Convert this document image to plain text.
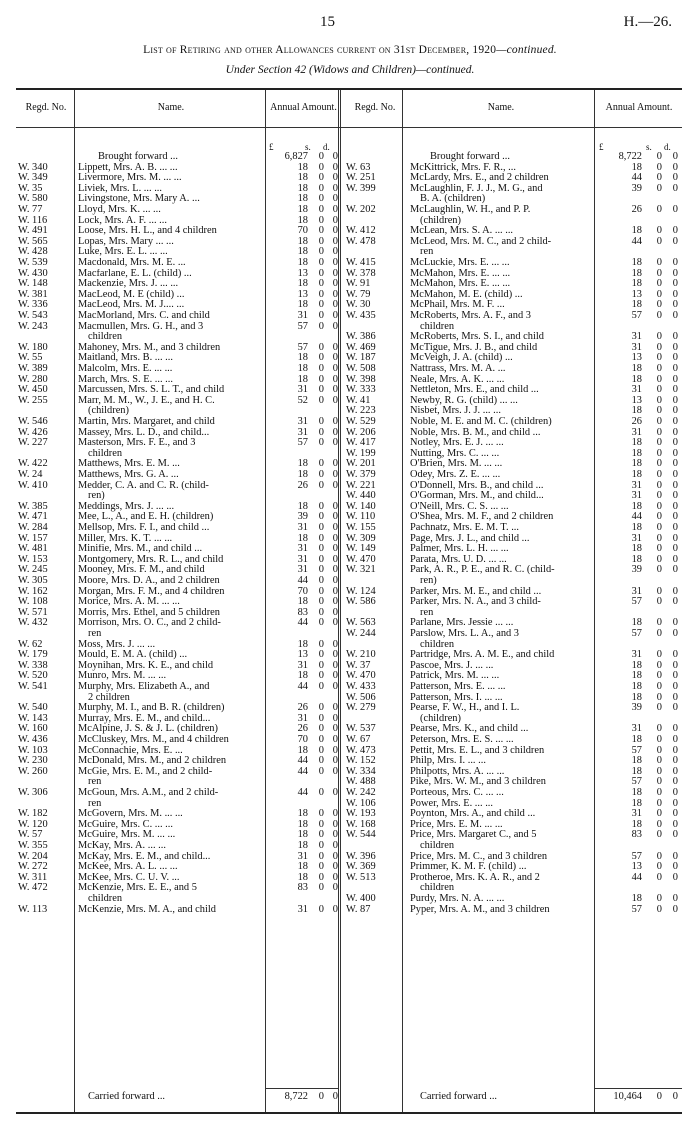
15	H.—26.
List of Retiring and other Allowances current on 31st December, 1920—continued.
Under Section 42 (Widows and Children)—continued.
Regd. No.	Name.	Annual Amount.	Regd. No.	Name.	Annual Amount.
£	s. d.	£	s. d.
Brought forward ...	6,827 0 0
W. 340	Lippett, Mrs. A. B. ... ...	18 0 0
W. 349	Livermore, Mrs. M. ... ...	18 0 0
W. 35	Liviek, Mrs. L. ... ...	18 0 0
W. 580	Livingstone, Mrs. Mary A. ...	18 0 0
W. 77	Lloyd, Mrs. K. ... ...	18 0 0
W. 116	Lock, Mrs. A. F. ... ...	18 0 0
W. 491	Loose, Mrs. H. L., and 4 children	70 0 0
W. 565	Lopas, Mrs. Mary ... ...	18 0 0
W. 428	Luke, Mrs. E. L. ... ...	18 0 0
W. 539	Macdonald, Mrs. M. E. ...	18 0 0
W. 430	Macfarlane, E. L. (child) ...	13 0 0
W. 148	Mackenzie, Mrs. J. ... ...	18 0 0
W. 381	MacLeod, M. E (child) ...	13 0 0
W. 336	MacLeod, Mrs. M. J.... ...	18 0 0
W. 543	MacMorland, Mrs. C. and child	31 0 0
W. 243	Macmullen, Mrs. G. H., and 3	57 0 0
children
W. 180	Mahoney, Mrs. M., and 3 children	57 0 0
W. 55	Maitland, Mrs. B. ... ...	18 0 0
W. 389	Malcolm, Mrs. E. ... ...	18 0 0
W. 280	March, Mrs. S. E. ... ...	18 0 0
W. 450	Marcussen, Mrs. S. L. T., and child	31 0 0
W. 255	Marr, M. M., W., J. E., and H. C.	52 0 0
(children)
W. 546	Martin, Mrs. Margaret, and child	31 0 0
W. 426	Massey, Mrs. L. D., and child...	31 0 0
W. 227	Masterson, Mrs. F. E., and 3	57 0 0
children
W. 422	Matthews, Mrs. E. M. ...	18 0 0
W. 24	Matthews, Mrs. G. A. ...	18 0 0
W. 410	Medder, C. A. and C. R. (child-	26 0 0
ren)
W. 385	Meddings, Mrs. J. ... ...	18 0 0
W. 471	Mee, L., A., and E. H. (children)	39 0 0
W. 284	Mellsop, Mrs. F. I., and child ...	31 0 0
W. 157	Miller, Mrs. K. T. ... ...	18 0 0
W. 481	Minifie, Mrs. M., and child ...	31 0 0
W. 153	Montgomery, Mrs. R. L., and child	31 0 0
W. 245	Mooney, Mrs. F. M., and child	31 0 0
W. 305	Moore, Mrs. D. A., and 2 children	44 0 0
W. 162	Morgan, Mrs. F. M., and 4 children	70 0 0
W. 108	Morice, Mrs. A. M. ... ...	18 0 0
W. 571	Morris, Mrs. Ethel, and 5 children	83 0 0
W. 432	Morrison, Mrs. O. C., and 2 child-	44 0 0
ren
W. 62	Moss, Mrs. J. ... ...	18 0 0
W. 179	Mould, E. M. A. (child) ...	13 0 0
W. 338	Moynihan, Mrs. K. E., and child	31 0 0
W. 520	Munro, Mrs. M. ... ...	18 0 0
W. 541	Murphy, Mrs. Elizabeth A., and	44 0 0
2 children
W. 540	Murphy, M. I., and B. R. (children)	26 0 0
W. 143	Murray, Mrs. E. M., and child...	31 0 0
W. 160	McAlpine, J. S. & J. L. (children)	26 0 0
W. 436	McCluskey, Mrs. M., and 4 children	70 0 0
W. 103	McConnachie, Mrs. E. ...	18 0 0
W. 230	McDonald, Mrs. M., and 2 children	44 0 0
W. 260	McGie, Mrs. E. M., and 2 child-	44 0 0
ren
W. 306	McGoun, Mrs. A.M., and 2 child-	44 0 0
ren
W. 182	McGovern, Mrs. M. ... ...	18 0 0
W. 120	McGuire, Mrs. C. ... ...	18 0 0
W. 57	McGuire, Mrs. M. ... ...	18 0 0
W. 355	McKay, Mrs. A. ... ...	18 0 0
W. 204	McKay, Mrs. E. M., and child...	31 0 0
W. 272	McKee, Mrs. A. L. ... ...	18 0 0
W. 311	McKee, Mrs. C. U. V. ...	18 0 0
W. 472	McKenzie, Mrs. E. E., and 5	83 0 0
children
W. 113	McKenzie, Mrs. M. A., and child	31 0 0
Carried forward ...	8,722 0 0
Brought forward ...	8,722 0 0
W. 63	McKittrick, Mrs. F. R., ...	18 0 0
W. 251	McLardy, Mrs. E., and 2 children	44 0 0
W. 399	McLaughlin, F. J. J., M. G., and	39 0 0
B. A. (children)
W. 202	McLaughlin, W. H., and P. P.	26 0 0
(children)
W. 412	McLean, Mrs. S. A. ... ...	18 0 0
W. 478	McLeod, Mrs. M. C., and 2 child-	44 0 0
ren
W. 415	McLuckie, Mrs. E. ... ...	18 0 0
W. 378	McMahon, Mrs. E. ... ...	18 0 0
W. 91	McMahon, Mrs. E. ... ...	18 0 0
W. 79	McMahon, M. E. (child) ...	13 0 0
W. 30	McPhail, Mrs. M. F. ...	18 0 0
W. 435	McRoberts, Mrs. A. F., and 3	57 0 0
children
W. 386	McRoberts, Mrs. S. I., and child	31 0 0
W. 469	McTigue, Mrs. J. B., and child	31 0 0
W. 187	McVeigh, J. A. (child) ...	13 0 0
W. 508	Nattrass, Mrs. M. A. ...	18 0 0
W. 398	Neale, Mrs. A. K. ... ...	18 0 0
W. 333	Nettleton, Mrs. E., and child ...	31 0 0
W. 41	Newby, R. G. (child) ... ...	13 0 0
W. 223	Nisbet, Mrs. J. J. ... ...	18 0 0
W. 529	Noble, M. E. and M. C. (children)	26 0 0
W. 206	Noble, Mrs. B. M., and child ...	31 0 0
W. 417	Notley, Mrs. E. J. ... ...	18 0 0
W. 199	Nutting, Mrs. C. ... ...	18 0 0
W. 201	O'Brien, Mrs. M. ... ...	18 0 0
W. 379	Odey, Mrs. Z. E. ... ...	18 0 0
W. 221	O'Donnell, Mrs. B., and child ...	31 0 0
W. 440	O'Gorman, Mrs. M., and child...	31 0 0
W. 140	O'Neill, Mrs. C. S. ... ...	18 0 0
W. 110	O'Shea, Mrs. M. F., and 2 children	44 0 0
W. 155	Pachnatz, Mrs. E. M. T. ...	18 0 0
W. 309	Page, Mrs. J. L., and child ...	31 0 0
W. 149	Palmer, Mrs. L. H. ... ...	18 0 0
W. 470	Parata, Mrs. U. D. ... ...	18 0 0
W. 321	Park, A. R., P. E., and R. C. (child-	39 0 0
ren)
W. 124	Parker, Mrs. M. E., and child ...	31 0 0
W. 586	Parker, Mrs. N. A., and 3 child-	57 0 0
ren
W. 563	Parlane, Mrs. Jessie ... ...	18 0 0
W. 244	Parslow, Mrs. L. A., and 3	57 0 0
children
W. 210	Partridge, Mrs. A. M. E., and child	31 0 0
W. 37	Pascoe, Mrs. J. ... ...	18 0 0
W. 470	Patrick, Mrs. M. ... ...	18 0 0
W. 433	Patterson, Mrs. E. ... ...	18 0 0
W. 506	Patterson, Mrs. I. ... ...	18 0 0
W. 279	Pearse, F. W., H., and I. L.	39 0 0
(children)
W. 537	Pearse, Mrs. K., and child ...	31 0 0
W. 67	Peterson, Mrs. E. S. ... ...	18 0 0
W. 473	Pettit, Mrs. E. L., and 3 children	57 0 0
W. 152	Philp, Mrs. I. ... ...	18 0 0
W. 334	Philpotts, Mrs. A. ... ...	18 0 0
W. 488	Pike, Mrs. W. M., and 3 children	57 0 0
W. 242	Porteous, Mrs. C. ... ...	18 0 0
W. 106	Power, Mrs. E. ... ...	18 0 0
W. 193	Poynton, Mrs. A., and child ...	31 0 0
W. 168	Price, Mrs. E. M. ... ...	18 0 0
W. 544	Price, Mrs. Margaret C., and 5	83 0 0
children
W. 396	Price, Mrs. M. C., and 3 children	57 0 0
W. 369	Primmer, K. M. F. (child) ...	13 0 0
W. 513	Protheroe, Mrs. K. A. R., and 2	44 0 0
children
W. 400	Purdy, Mrs. N. A. ... ...	18 0 0
W. 87	Pyper, Mrs. A. M., and 3 children	57 0 0
Carried forward ...	10,464 0 0
